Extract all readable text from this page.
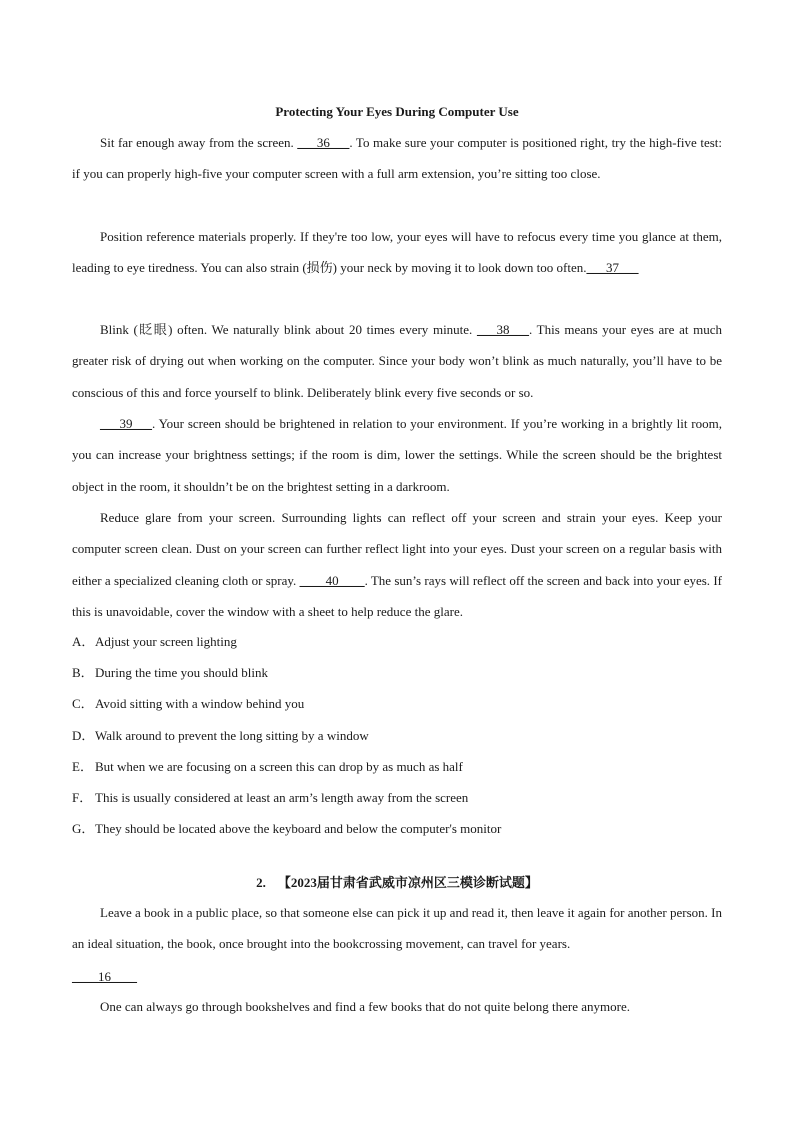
Protecting Your Eyes During Computer Use
Sit far enough away from the screen. ___36___. To make sure your computer is positioned right, try the high-five test: if you can properly high-five your computer screen with a full arm extension, you’re sitting too close.
Position reference materials properly. If they're too low, your eyes will have to refocus every time you glance at them, leading to eye tiredness. You can also strain (损伤) your neck by moving it to look down too often.___37___
Blink (眨眼) often. We naturally blink about 20 times every minute. ___38___. This means your eyes are at much greater risk of drying out when working on the computer. Since your body won’t blink as much naturally, you’ll have to be conscious of this and force yourself to blink. Deliberately blink every five seconds or so.
___39___. Your screen should be brightened in relation to your environment. If you’re working in a brightly lit room, you can increase your brightness settings; if the room is dim, lower the settings. While the screen should be the brightest object in the room, it shouldn’t be on the brightest setting in a darkroom.
Reduce glare from your screen. Surrounding lights can reflect off your screen and strain your eyes. Keep your computer screen clean. Dust on your screen can further reflect light into your eyes. Dust your screen on a regular basis with either a specialized cleaning cloth or spray. ____40____. The sun’s rays will reflect off the screen and back into your eyes. If this is unavoidable, cover the window with a sheet to help reduce the glare.
A．Adjust your screen lighting
B．During the time you should blink
C．Avoid sitting with a window behind you
D．Walk around to prevent the long sitting by a window
E． But when we are focusing on a screen this can drop by as much as half
F． This is usually considered at least an arm’s length away from the screen
G．They should be located above the keyboard and below the computer's monitor
2. 【2023届甘肃省武威市凉州区三模诊断试题】
Leave a book in a public place, so that someone else can pick it up and read it, then leave it again for another person. In an ideal situation, the book, once brought into the bookcrossing movement, can travel for years.
____16____
One can always go through bookshelves and find a few books that do not quite belong there anymore.
